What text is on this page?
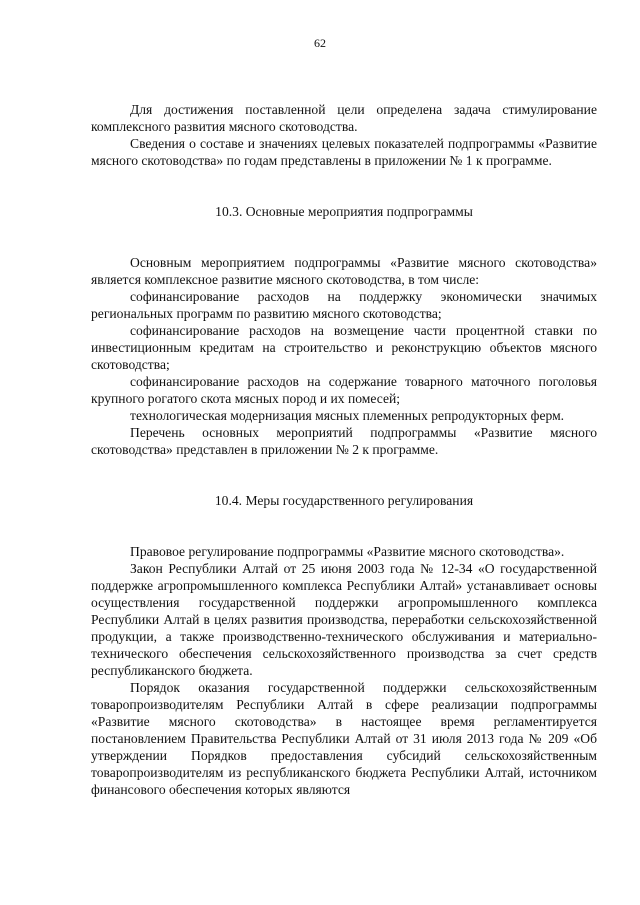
62

Для достижения поставленной цели определена задача стимулирование комплексного развития мясного скотоводства.

Сведения о составе и значениях целевых показателей подпрограммы «Развитие мясного скотоводства» по годам представлены в приложении № 1 к программе.

10.3. Основные мероприятия подпрограммы

Основным мероприятием подпрограммы «Развитие мясного скотоводства» является комплексное развитие мясного скотоводства, в том числе:

софинансирование расходов на поддержку экономически значимых региональных программ по развитию мясного скотоводства;

софинансирование расходов на возмещение части процентной ставки по инвестиционным кредитам на строительство и реконструкцию объектов мясного скотоводства;

софинансирование расходов на содержание товарного маточного поголовья крупного рогатого скота мясных пород и их помесей;

технологическая модернизация мясных племенных репродукторных ферм.

Перечень основных мероприятий подпрограммы «Развитие мясного скотоводства» представлен в приложении № 2 к программе.

10.4. Меры государственного регулирования

Правовое регулирование подпрограммы «Развитие мясного скотоводства».

Закон Республики Алтай от 25 июня 2003 года № 12-34 «О государственной поддержке агропромышленного комплекса Республики Алтай» устанавливает основы осуществления государственной поддержки агропромышленного комплекса Республики Алтай в целях развития производства, переработки сельскохозяйственной продукции, а также производственно-технического обслуживания и материально-технического обеспечения сельскохозяйственного производства за счет средств республиканского бюджета.

Порядок оказания государственной поддержки сельскохозяйственным товаропроизводителям Республики Алтай в сфере реализации подпрограммы «Развитие мясного скотоводства» в настоящее время регламентируется постановлением Правительства Республики Алтай от 31 июля 2013 года № 209 «Об утверждении Порядков предоставления субсидий сельскохозяйственным товаропроизводителям из республиканского бюджета Республики Алтай, источником финансового обеспечения которых являются
